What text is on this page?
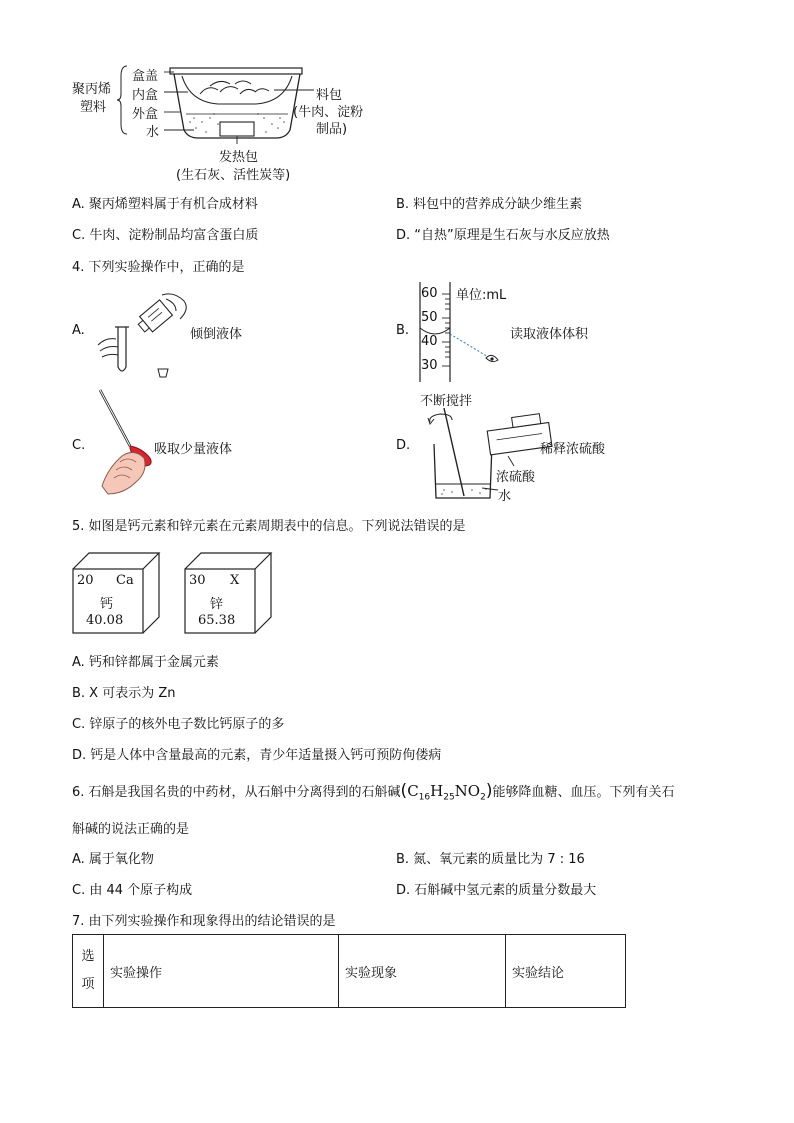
聚丙烯
塑料
盒盖
内盒
外盒
水
料包
(牛肉、淀粉
制品)
发热包
(生石灰、活性炭等)
A. 聚丙烯塑料属于有机合成材料	B. 料包中的营养成分缺少维生素
C. 牛肉、淀粉制品均富含蛋白质	D. “自热”原理是生石灰与水反应放热
4. 下列实验操作中，正确的是
A.	倾倒液体	B.
60
50
40
30
单位:mL
读取液体体积
C.	吸取少量液体	D.
不断搅拌
稀释浓硫酸
浓硫酸
水
5. 如图是钙元素和锌元素在元素周期表中的信息。下列说法错误的是
20 Ca
钙
40.08
30 X
锌
65.38
A. 钙和锌都属于金属元素
B. X 可表示为 Zn
C. 锌原子的核外电子数比钙原子的多
D. 钙是人体中含量最高的元素，青少年适量摄入钙可预防佝偻病
6. 石斛是我国名贵的中药材，从石斛中分离得到的石斛碱$(C_{16}H_{25}NO_2)$能够降血糖、血压。下列有关石
斛碱的说法正确的是
A. 属于氧化物	B. 氮、氧元素的质量比为 7 : 16
C. 由 44 个原子构成	D. 石斛碱中氢元素的质量分数最大
7. 由下列实验操作和现象得出的结论错误的是
选
项
	实验操作	实验现象	实验结论
